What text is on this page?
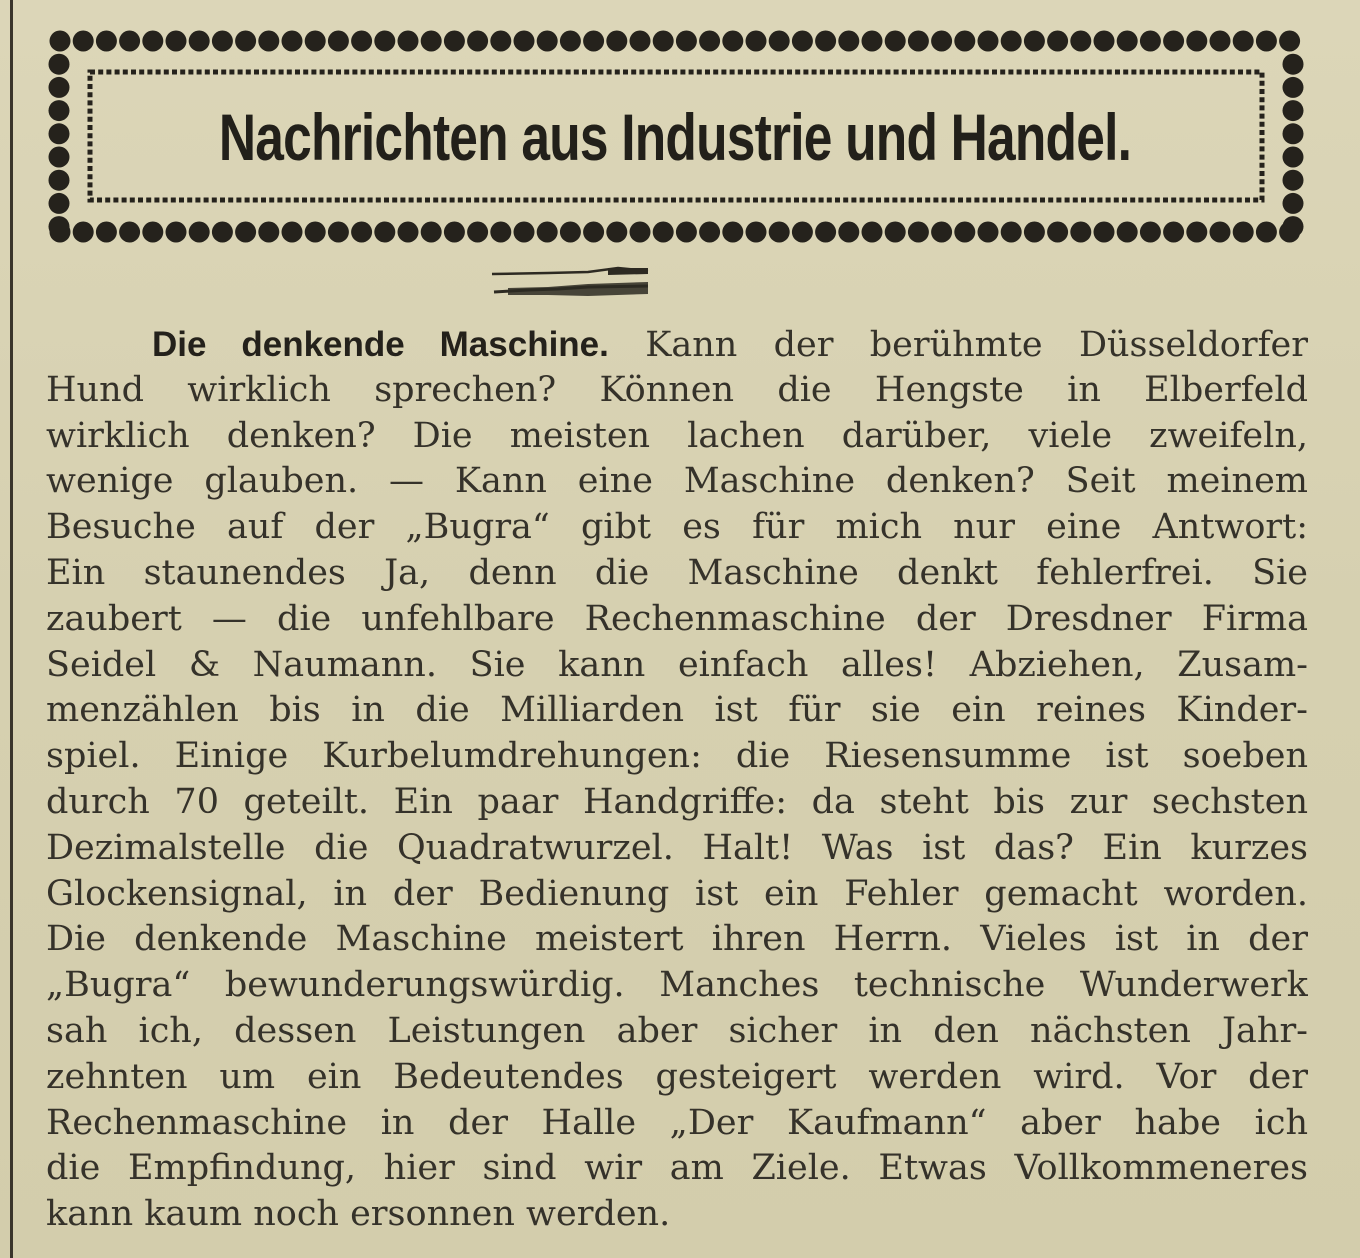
Nachrichten aus Industrie und Handel.
Die denkende Maschine. Kann der berühmte Düsseldorfer
Hund wirklich sprechen? Können die Hengste in Elberfeld
wirklich denken? Die meisten lachen darüber, viele zweifeln,
wenige glauben. — Kann eine Maschine denken? Seit meinem
Besuche auf der „Bugra“ gibt es für mich nur eine Antwort:
Ein staunendes Ja, denn die Maschine denkt fehlerfrei. Sie
zaubert — die unfehlbare Rechenmaschine der Dresdner Firma
Seidel & Naumann. Sie kann einfach alles! Abziehen, Zusam-
menzählen bis in die Milliarden ist für sie ein reines Kinder-
spiel. Einige Kurbelumdrehungen: die Riesensumme ist soeben
durch 70 geteilt. Ein paar Handgriffe: da steht bis zur sechsten
Dezimalstelle die Quadratwurzel. Halt! Was ist das? Ein kurzes
Glockensignal, in der Bedienung ist ein Fehler gemacht worden.
Die denkende Maschine meistert ihren Herrn. Vieles ist in der
„Bugra“ bewunderungswürdig. Manches technische Wunderwerk
sah ich, dessen Leistungen aber sicher in den nächsten Jahr-
zehnten um ein Bedeutendes gesteigert werden wird. Vor der
Rechenmaschine in der Halle „Der Kaufmann“ aber habe ich
die Empfindung, hier sind wir am Ziele. Etwas Vollkommeneres
kann kaum noch ersonnen werden.
